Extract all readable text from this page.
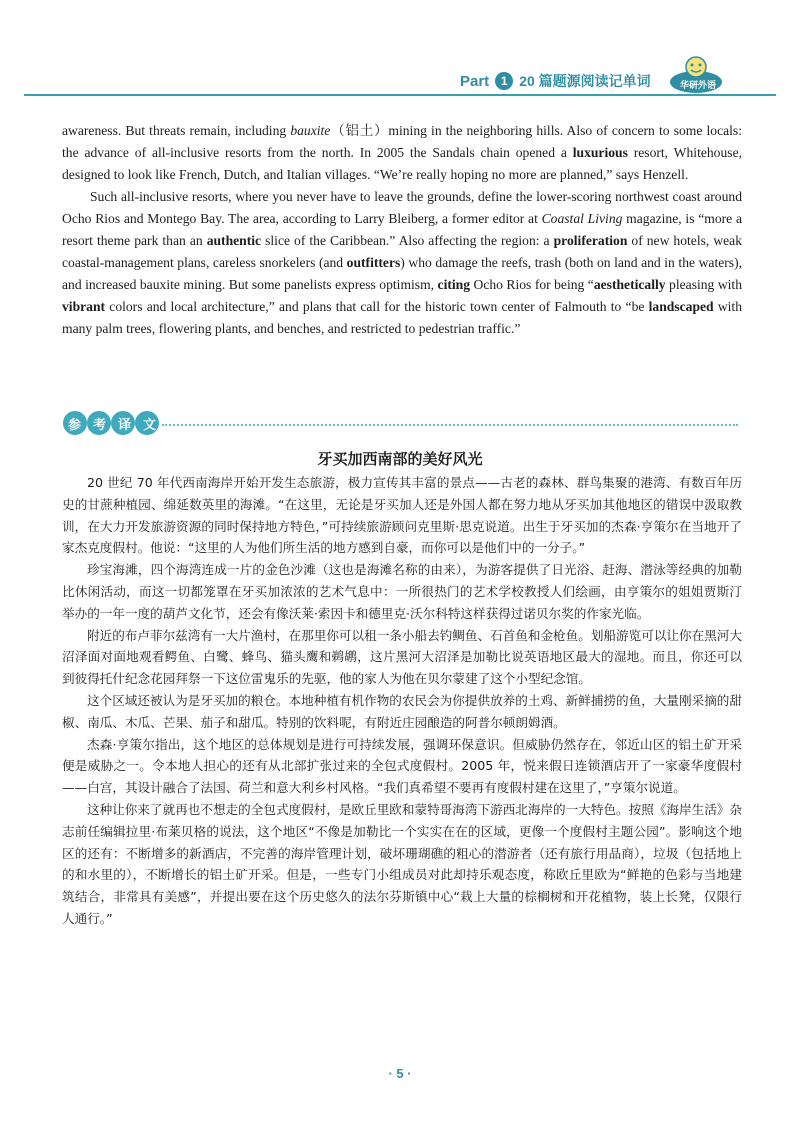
Part 1 20 篇题源阅读记单词	华研外语

awareness. But threats remain, including bauxite（铝土）mining in the neighboring hills. Also of concern to some locals: the advance of all-inclusive resorts from the north. In 2005 the Sandals chain opened a luxurious resort, Whitehouse, designed to look like French, Dutch, and Italian villages. “We’re really hoping no more are planned,” says Henzell.

Such all-inclusive resorts, where you never have to leave the grounds, define the lower-scoring northwest coast around Ocho Rios and Montego Bay. The area, according to Larry Bleiberg, a former editor at Coastal Living magazine, is “more a resort theme park than an authentic slice of the Caribbean.” Also affecting the region: a proliferation of new hotels, weak coastal-management plans, careless snorkelers (and outfitters) who damage the reefs, trash (both on land and in the waters), and increased bauxite mining. But some panelists express optimism, citing Ocho Rios for being “aesthetically pleasing with vibrant colors and local architecture,” and plans that call for the historic town center of Falmouth to “be landscaped with many palm trees, flowering plants, and benches, and restricted to pedestrian traffic.”

参 考 译 文
牙买加西南部的美好风光

20 世纪 70 年代西南海岸开始开发生态旅游，极力宣传其丰富的景点——古老的森林、群鸟集聚的港湾、有数百年历史的甘蔗种植园、绵延数英里的海滩。“在这里，无论是牙买加人还是外国人都在努力地从牙买加其他地区的错误中汲取教训，在大力开发旅游资源的同时保持地方特色，”可持续旅游顾问克里斯·思克说道。出生于牙买加的杰森·亨策尔在当地开了家杰克度假村。他说：“这里的人为他们所生活的地方感到自豪，而你可以是他们中的一分子。”

珍宝海滩，四个海湾连成一片的金色沙滩（这也是海滩名称的由来），为游客提供了日光浴、赶海、潜泳等经典的加勒比休闲活动，而这一切都笼罩在牙买加浓浓的艺术气息中：一所很热门的艺术学校教授人们绘画，由亨策尔的姐姐贾斯汀举办的一年一度的葫芦文化节，还会有像沃莱·索因卡和德里克·沃尔科特这样获得过诺贝尔奖的作家光临。

附近的布卢菲尔兹湾有一大片渔村，在那里你可以租一条小船去钓鲷鱼、石首鱼和金枪鱼。划船游览可以让你在黑河大沼泽面对面地观看鳄鱼、白鹭、蜂鸟、猫头鹰和鹈鹕，这片黑河大沼泽是加勒比说英语地区最大的湿地。而且，你还可以到彼得托什纪念花园拜祭一下这位雷鬼乐的先驱，他的家人为他在贝尔蒙建了这个小型纪念馆。

这个区域还被认为是牙买加的粮仓。本地种植有机作物的农民会为你提供放养的土鸡、新鲜捕捞的鱼，大量刚采摘的甜椒、南瓜、木瓜、芒果、茄子和甜瓜。特别的饮料呢，有附近庄园酿造的阿普尔顿朗姆酒。

杰森·亨策尔指出，这个地区的总体规划是进行可持续发展，强调环保意识。但威胁仍然存在，邻近山区的铝土矿开采便是威胁之一。令本地人担心的还有从北部扩张过来的全包式度假村。2005 年，悦来假日连锁酒店开了一家豪华度假村——白宫，其设计融合了法国、荷兰和意大利乡村风格。“我们真希望不要再有度假村建在这里了，”亨策尔说道。

这种让你来了就再也不想走的全包式度假村，是欧丘里欧和蒙特哥海湾下游西北海岸的一大特色。按照《海岸生活》杂志前任编辑拉里·布莱贝格的说法，这个地区“不像是加勒比一个实实在在的区域，更像一个度假村主题公园”。影响这个地区的还有：不断增多的新酒店，不完善的海岸管理计划，破坏珊瑚礁的粗心的潜游者（还有旅行用品商），垃圾（包括地上的和水里的），不断增长的铝土矿开采。但是，一些专门小组成员对此却持乐观态度，称欧丘里欧为“鲜艳的色彩与当地建筑结合，非常具有美感”，并提出要在这个历史悠久的法尔芬斯镇中心“栽上大量的棕榈树和开花植物，装上长凳，仅限行人通行。”

· 5 ·
